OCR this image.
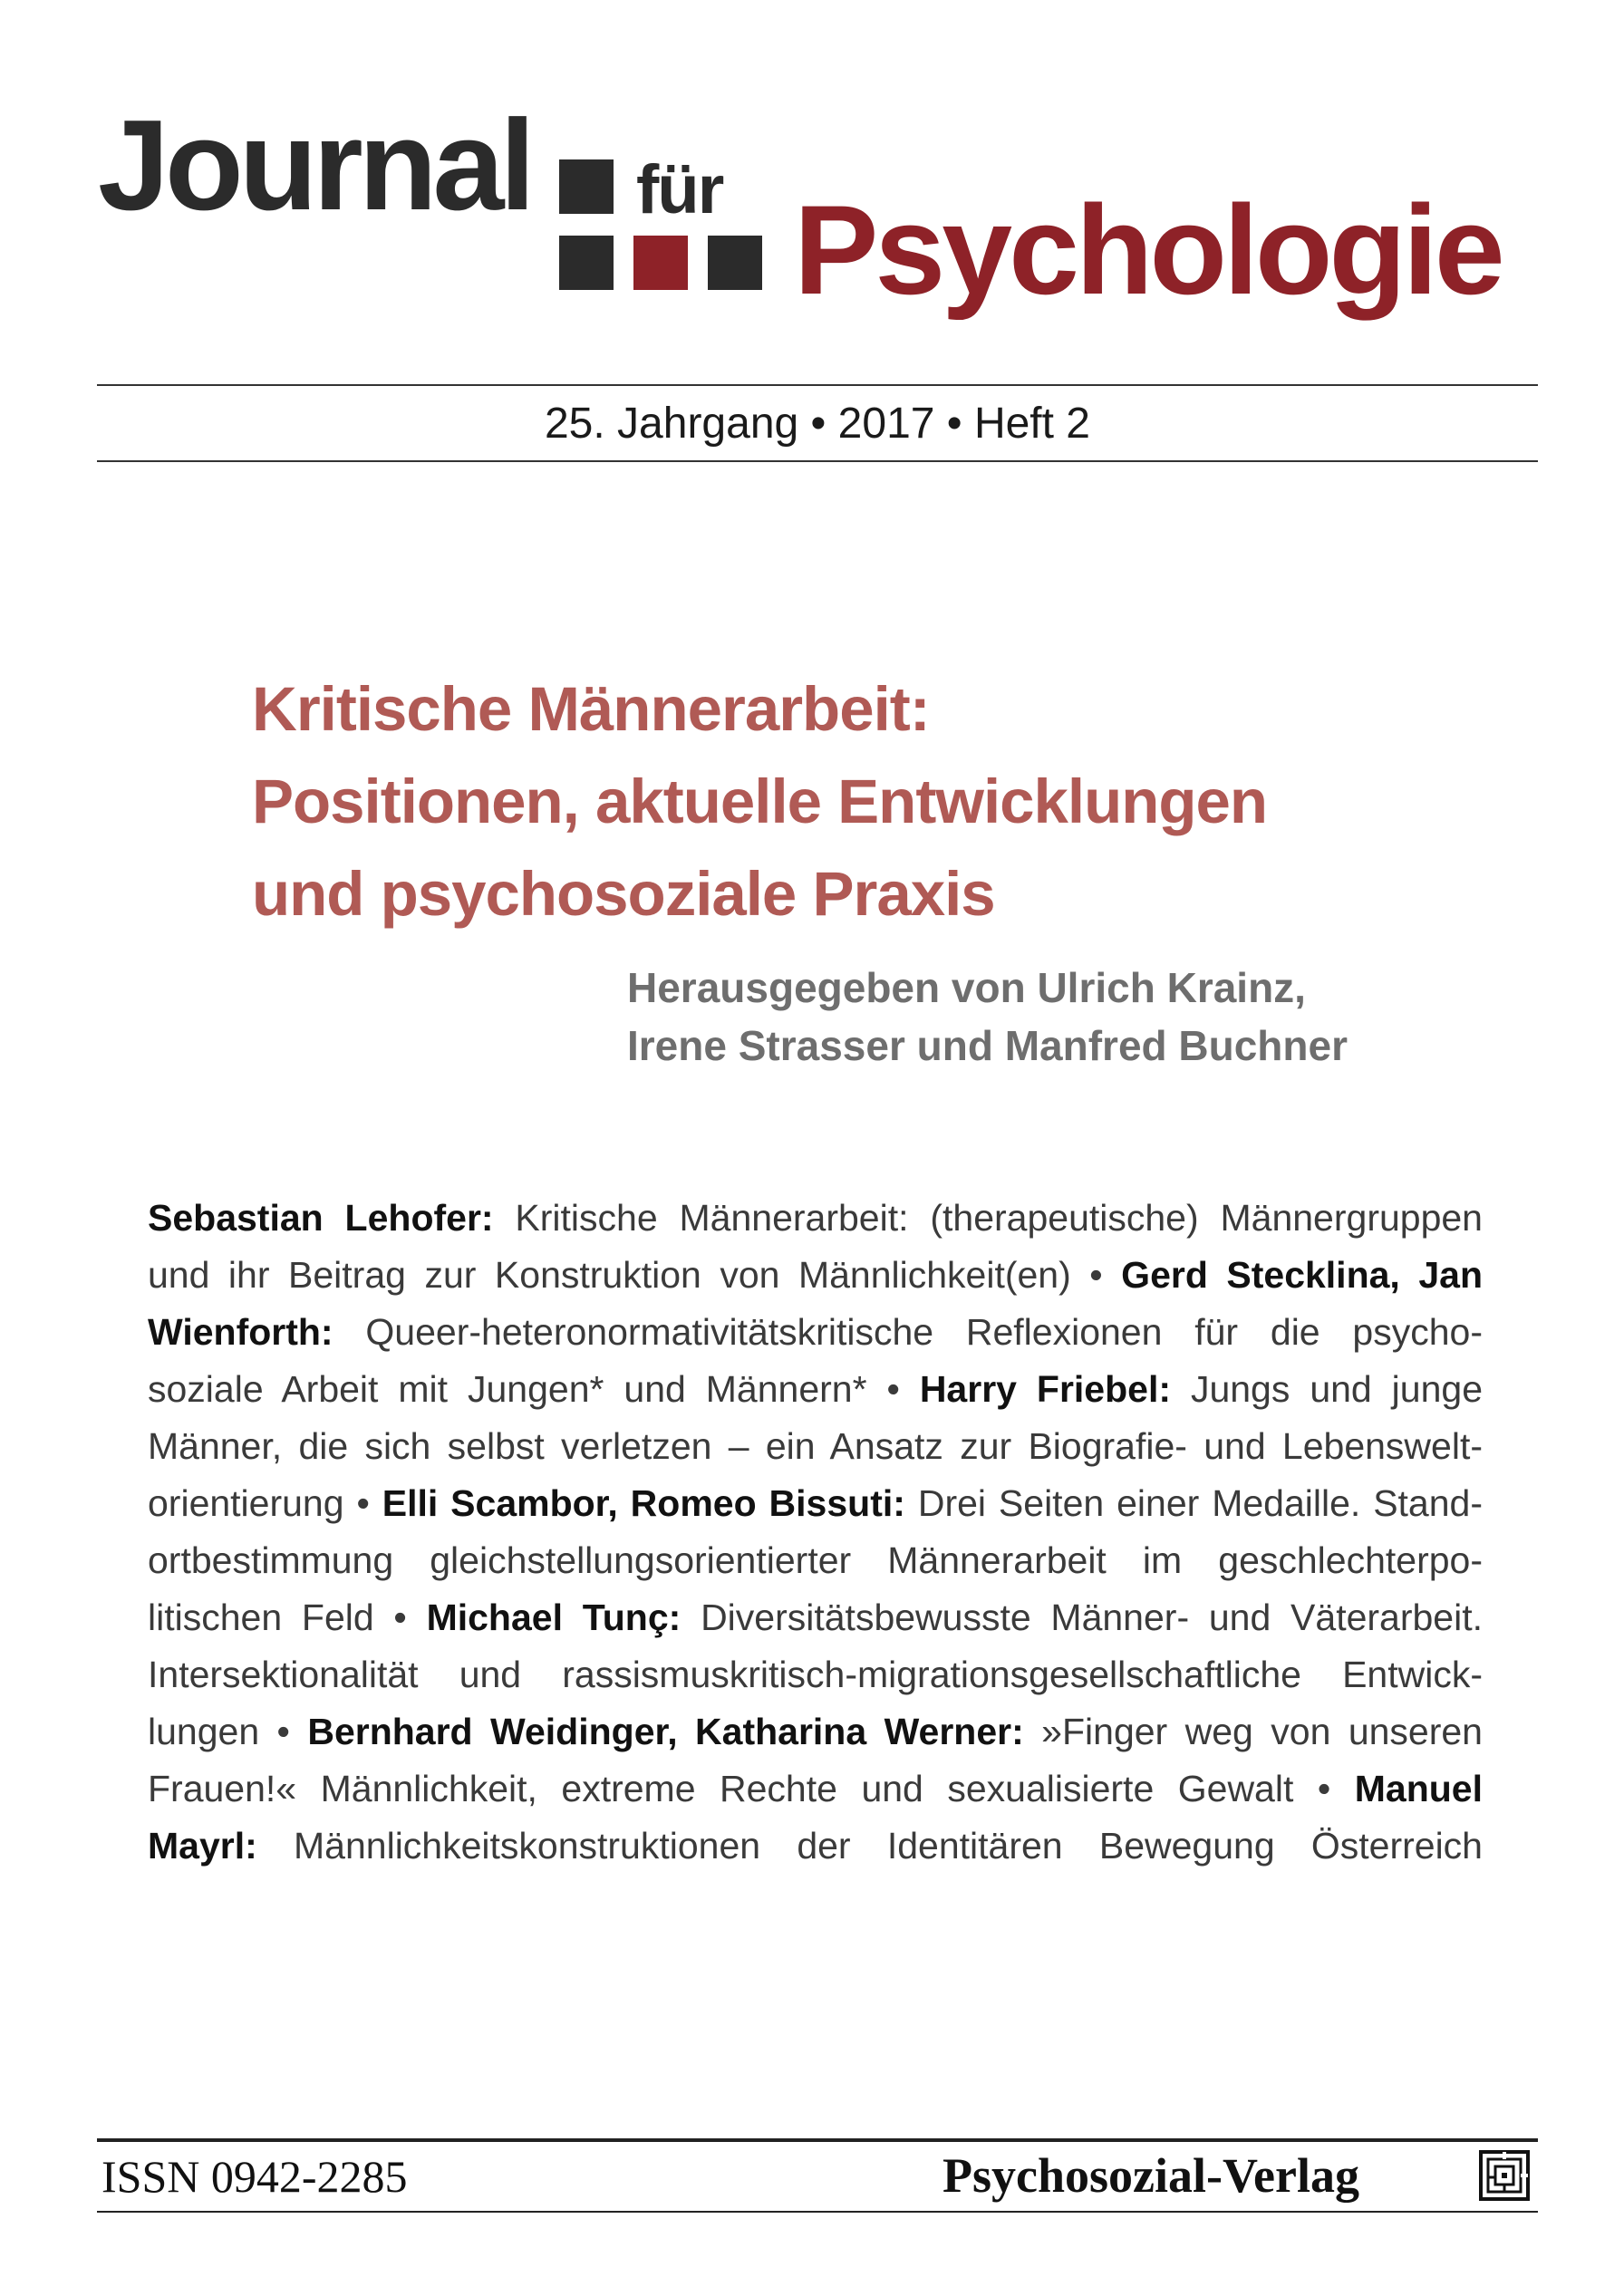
Journal für Psychologie
25. Jahrgang • 2017 • Heft 2
Kritische Männerarbeit:
Positionen, aktuelle Entwicklungen
und psychosoziale Praxis
Herausgegeben von Ulrich Krainz,
Irene Strasser und Manfred Buchner
Sebastian Lehofer: Kritische Männerarbeit: (therapeutische) Männergruppen
und ihr Beitrag zur Konstruktion von Männlichkeit(en) • Gerd Stecklina, Jan
Wienforth: Queer-heteronormativitätskritische Reflexionen für die psycho-
soziale Arbeit mit Jungen* und Männern* • Harry Friebel: Jungs und junge
Männer, die sich selbst verletzen – ein Ansatz zur Biografie- und Lebenswelt-
orientierung • Elli Scambor, Romeo Bissuti: Drei Seiten einer Medaille. Stand-
ortbestimmung gleichstellungsorientierter Männerarbeit im geschlechterpo-
litischen Feld • Michael Tunç: Diversitätsbewusste Männer- und Väterarbeit.
Intersektionalität und rassismuskritisch-migrationsgesellschaftliche Entwick-
lungen • Bernhard Weidinger, Katharina Werner: »Finger weg von unseren
Frauen!« Männlichkeit, extreme Rechte und sexualisierte Gewalt • Manuel
Mayrl: Männlichkeitskonstruktionen der Identitären Bewegung Österreich
ISSN 0942-2285	Psychosozial-Verlag
